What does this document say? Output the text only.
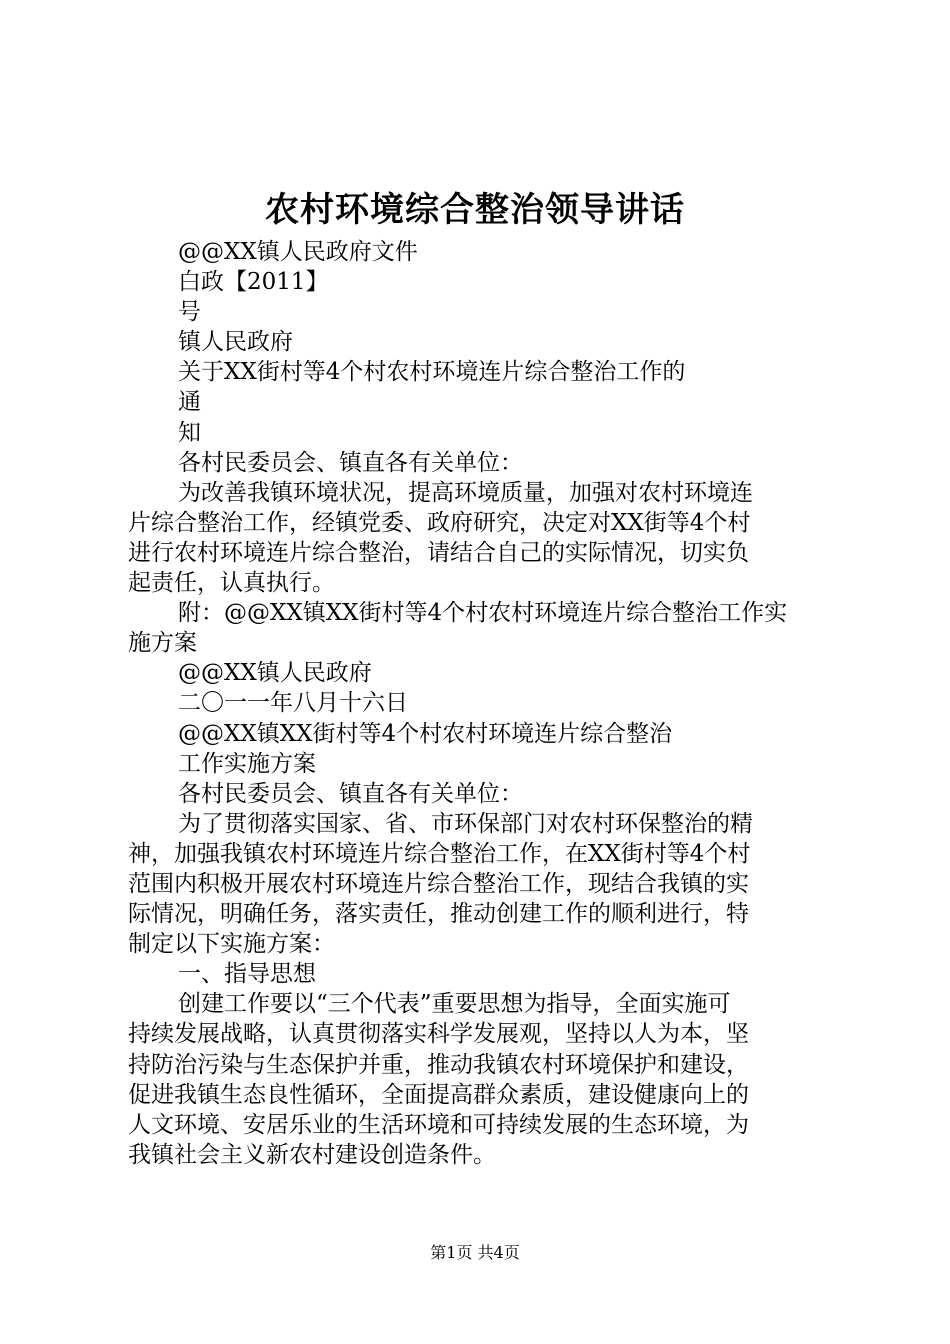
农村环境综合整治领导讲话

@@XX镇人民政府文件

白政【2011】

号

镇人民政府

关于XX街村等4个村农村环境连片综合整治工作的

通

知

各村民委员会、镇直各有关单位：

为改善我镇环境状况，提高环境质量，加强对农村环境连

片综合整治工作，经镇党委、政府研究，决定对XX街等4个村

进行农村环境连片综合整治，请结合自己的实际情况，切实负

起责任，认真执行。

附：@@XX镇XX街村等4个村农村环境连片综合整治工作实

施方案

@@XX镇人民政府

二〇一一年八月十六日

@@XX镇XX街村等4个村农村环境连片综合整治

工作实施方案

各村民委员会、镇直各有关单位：

为了贯彻落实国家、省、市环保部门对农村环保整治的精

神，加强我镇农村环境连片综合整治工作，在XX街村等4个村

范围内积极开展农村环境连片综合整治工作，现结合我镇的实

际情况，明确任务，落实责任，推动创建工作的顺利进行，特

制定以下实施方案：

一、指导思想

创建工作要以“三个代表”重要思想为指导，全面实施可

持续发展战略，认真贯彻落实科学发展观，坚持以人为本，坚

持防治污染与生态保护并重，推动我镇农村环境保护和建设，

促进我镇生态良性循环，全面提高群众素质，建设健康向上的

人文环境、安居乐业的生活环境和可持续发展的生态环境，为

我镇社会主义新农村建设创造条件。

第1页 共4页
